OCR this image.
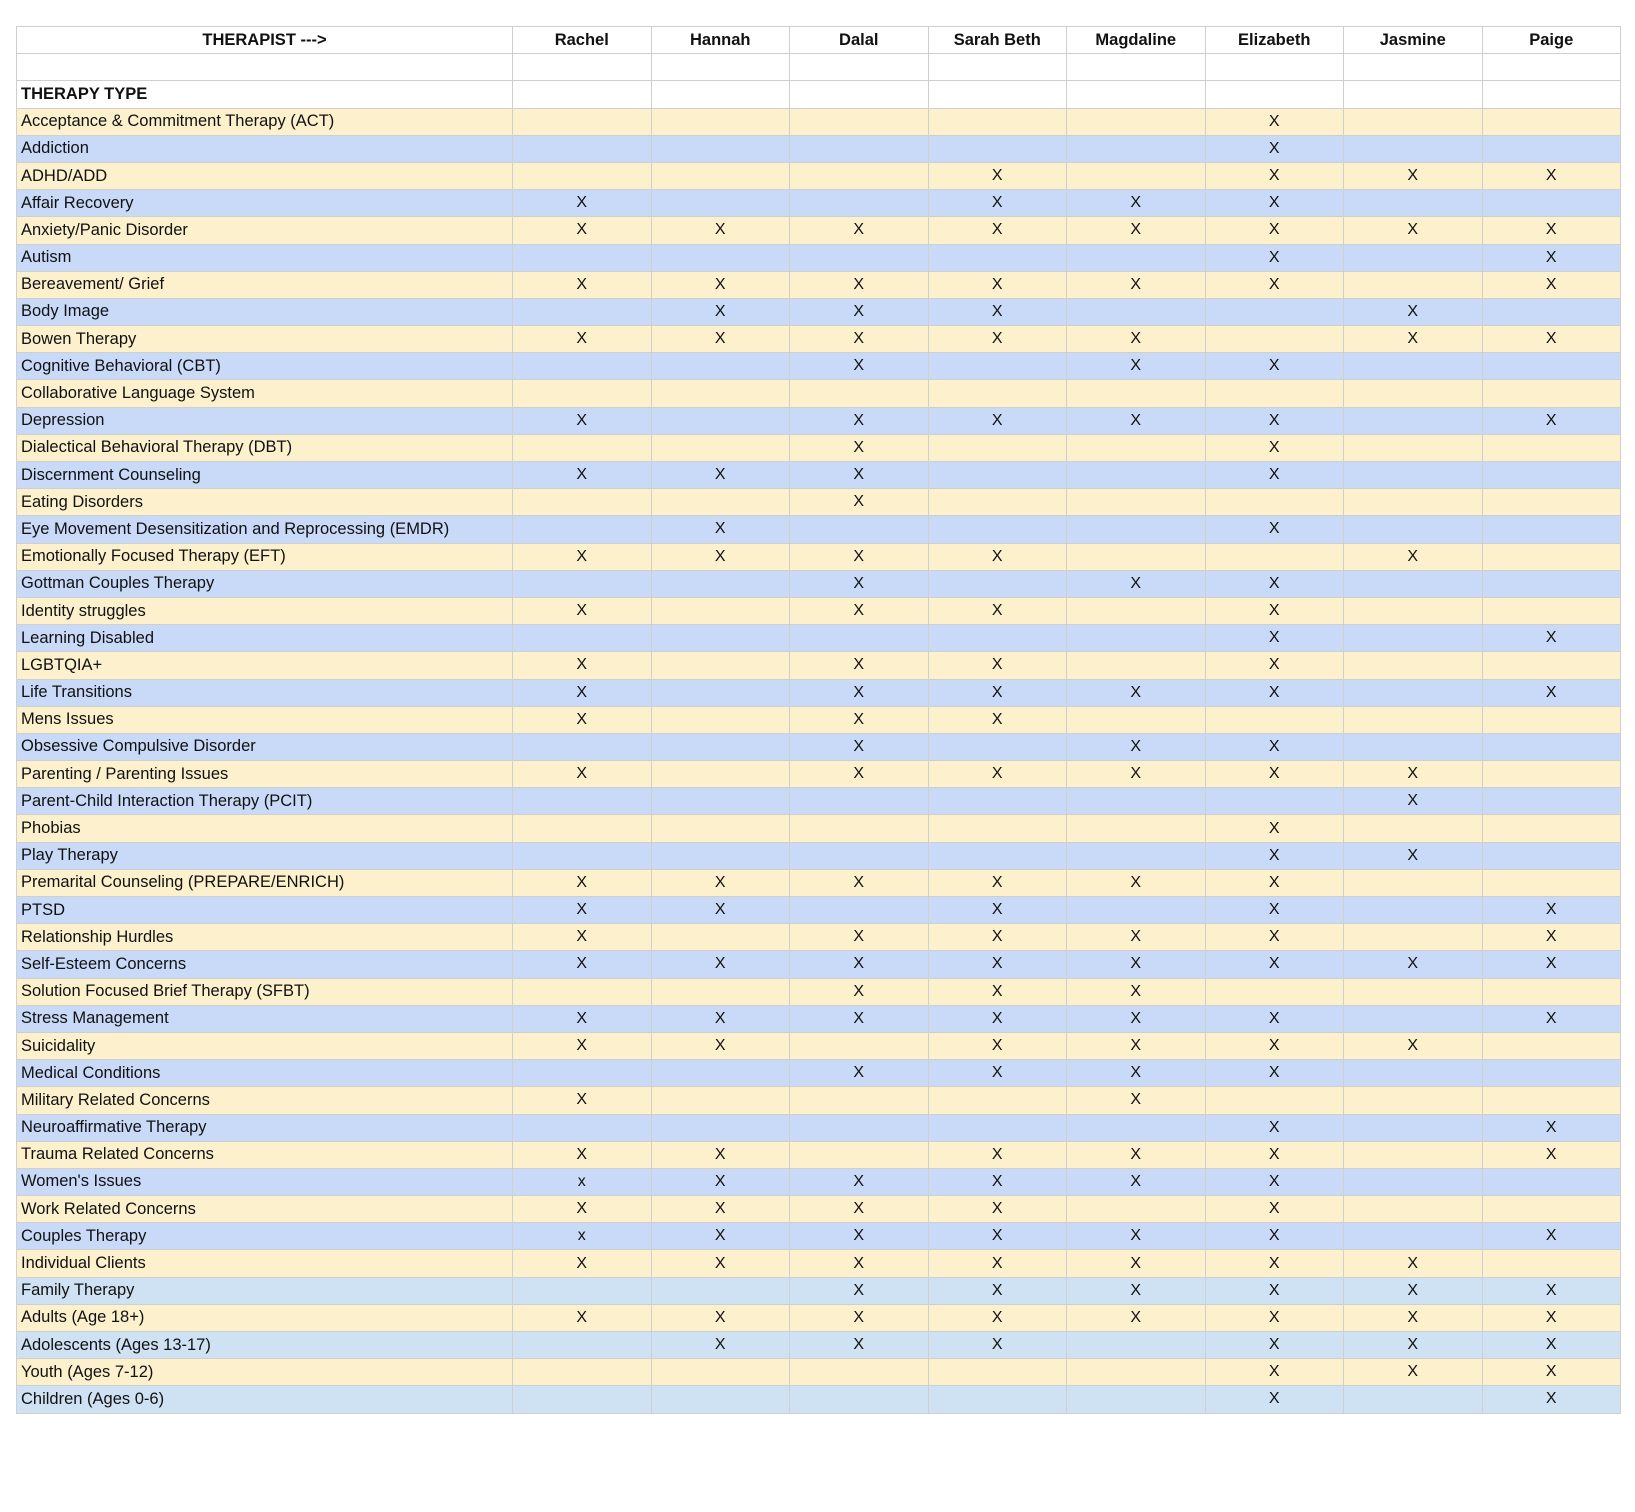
THERAPIST --->	Rachel	Hannah	Dalal	Sarah Beth	Magdaline	Elizabeth	Jasmine	Paige

THERAPY TYPE								
Acceptance & Commitment Therapy (ACT)						X		
Addiction						X		
ADHD/ADD				X		X	X	X
Affair Recovery	X			X	X	X		
Anxiety/Panic Disorder	X	X	X	X	X	X	X	X
Autism						X		X
Bereavement/ Grief	X	X	X	X	X	X		X
Body Image		X	X	X			X	
Bowen Therapy	X	X	X	X	X		X	X
Cognitive Behavioral (CBT)			X		X	X		
Collaborative Language System								
Depression	X		X	X	X	X		X
Dialectical Behavioral Therapy (DBT)			X			X		
Discernment Counseling	X	X	X			X		
Eating Disorders			X					
Eye Movement Desensitization and Reprocessing (EMDR)		X				X		
Emotionally Focused Therapy (EFT)	X	X	X	X			X	
Gottman Couples Therapy			X		X	X		
Identity struggles	X		X	X		X		
Learning Disabled						X		X
LGBTQIA+	X		X	X		X		
Life Transitions	X		X	X	X	X		X
Mens Issues	X		X	X				
Obsessive Compulsive Disorder			X		X	X		
Parenting / Parenting Issues	X		X	X	X	X	X	
Parent-Child Interaction Therapy (PCIT)							X	
Phobias						X		
Play Therapy						X	X	
Premarital Counseling (PREPARE/ENRICH)	X	X	X	X	X	X		
PTSD	X	X		X		X		X
Relationship Hurdles	X		X	X	X	X		X
Self-Esteem Concerns	X	X	X	X	X	X	X	X
Solution Focused Brief Therapy (SFBT)			X	X	X			
Stress Management	X	X	X	X	X	X		X
Suicidality	X	X		X	X	X	X	
Medical Conditions			X	X	X	X		
Military Related Concerns	X				X			
Neuroaffirmative Therapy						X		X
Trauma Related Concerns	X	X		X	X	X		X
Women's Issues	x	X	X	X	X	X		
Work Related Concerns	X	X	X	X		X		
Couples Therapy	x	X	X	X	X	X		X
Individual Clients	X	X	X	X	X	X	X	
Family Therapy			X	X	X	X	X	X
Adults (Age 18+)	X	X	X	X	X	X	X	X
Adolescents (Ages 13-17)		X	X	X		X	X	X
Youth (Ages 7-12)						X	X	X
Children (Ages 0-6)						X		X
